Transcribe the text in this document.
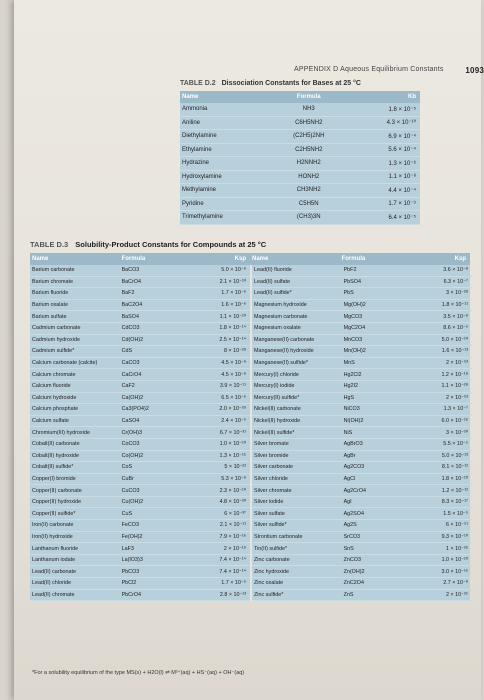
APPENDIX D Aqueous Equilibrium Constants	1093
TABLE D.2 Dissociation Constants for Bases at 25 °C
Name	Formula	Kb
Ammonia	NH3	1.8 × 10⁻⁵
Aniline	C6H5NH2	4.3 × 10⁻¹⁰
Diethylamine	(C2H5)2NH	6.9 × 10⁻⁴
Ethylamine	C2H5NH2	5.6 × 10⁻⁴
Hydrazine	H2NNH2	1.3 × 10⁻⁶
Hydroxylamine	HONH2	1.1 × 10⁻⁸
Methylamine	CH3NH2	4.4 × 10⁻⁴
Pyridine	C5H5N	1.7 × 10⁻⁹
Trimethylamine	(CH3)3N	6.4 × 10⁻⁵
TABLE D.3 Solubility-Product Constants for Compounds at 25 °C
Name	Formula	Ksp	Name	Formula	Ksp
Barium carbonate	BaCO3	5.0 × 10⁻⁹
Barium chromate	BaCrO4	2.1 × 10⁻¹⁰
Barium fluoride	BaF2	1.7 × 10⁻⁶
Barium oxalate	BaC2O4	1.6 × 10⁻⁶
Barium sulfate	BaSO4	1.1 × 10⁻¹⁰
Cadmium carbonate	CdCO3	1.8 × 10⁻¹⁴
Cadmium hydroxide	Cd(OH)2	2.5 × 10⁻¹⁴
Cadmium sulfide*	CdS	8 × 10⁻²⁸
Calcium carbonate (calcite)	CaCO3	4.5 × 10⁻⁹
Calcium chromate	CaCrO4	4.5 × 10⁻⁹
Calcium fluoride	CaF2	3.9 × 10⁻¹¹
Calcium hydroxide	Ca(OH)2	6.5 × 10⁻⁶
Calcium phosphate	Ca3(PO4)2	2.0 × 10⁻²⁹
Calcium sulfate	CaSO4	2.4 × 10⁻⁵
Chromium(III) hydroxide	Cr(OH)3	6.7 × 10⁻³¹
Cobalt(II) carbonate	CoCO3	1.0 × 10⁻¹⁰
Cobalt(II) hydroxide	Co(OH)2	1.3 × 10⁻¹⁵
Cobalt(II) sulfide*	CoS	5 × 10⁻²²
Copper(I) bromide	CuBr	5.3 × 10⁻⁹
Copper(II) carbonate	CuCO3	2.3 × 10⁻¹⁰
Copper(II) hydroxide	Cu(OH)2	4.8 × 10⁻²⁰
Copper(II) sulfide*	CuS	6 × 10⁻³⁷
Iron(II) carbonate	FeCO3	2.1 × 10⁻¹¹
Iron(II) hydroxide	Fe(OH)2	7.9 × 10⁻¹⁶
Lanthanum fluoride	LaF3	2 × 10⁻¹⁹
Lanthanum iodate	La(IO3)3	7.4 × 10⁻¹⁴
Lead(II) carbonate	PbCO3	7.4 × 10⁻¹⁴
Lead(II) chloride	PbCl2	1.7 × 10⁻⁵
Lead(II) chromate	PbCrO4	2.8 × 10⁻¹³
Lead(II) fluoride	PbF2	3.6 × 10⁻⁸
Lead(II) sulfate	PbSO4	6.3 × 10⁻⁷
Lead(II) sulfide*	PbS	3 × 10⁻²⁸
Magnesium hydroxide	Mg(OH)2	1.8 × 10⁻¹¹
Magnesium carbonate	MgCO3	3.5 × 10⁻⁸
Magnesium oxalate	MgC2O4	8.6 × 10⁻⁵
Manganese(II) carbonate	MnCO3	5.0 × 10⁻¹⁰
Manganese(II) hydroxide	Mn(OH)2	1.6 × 10⁻¹³
Manganese(II) sulfide*	MnS	2 × 10⁻⁵³
Mercury(I) chloride	Hg2Cl2	1.2 × 10⁻¹⁸
Mercury(I) iodide	Hg2I2	1.1 × 10⁻²⁸
Mercury(II) sulfide*	HgS	2 × 10⁻⁵³
Nickel(II) carbonate	NiCO3	1.3 × 10⁻⁷
Nickel(II) hydroxide	Ni(OH)2	6.0 × 10⁻¹⁶
Nickel(II) sulfide*	NiS	3 × 10⁻²⁰
Silver bromate	AgBrO3	5.5 × 10⁻⁵
Silver bromide	AgBr	5.0 × 10⁻¹³
Silver carbonate	Ag2CO3	8.1 × 10⁻¹²
Silver chloride	AgCl	1.8 × 10⁻¹⁰
Silver chromate	Ag2CrO4	1.2 × 10⁻¹²
Silver iodide	AgI	8.3 × 10⁻¹⁷
Silver sulfate	Ag2SO4	1.5 × 10⁻⁵
Silver sulfide*	Ag2S	6 × 10⁻⁵¹
Strontium carbonate	SrCO3	9.3 × 10⁻¹⁰
Tin(II) sulfide*	SnS	1 × 10⁻²⁶
Zinc carbonate	ZnCO3	1.0 × 10⁻¹⁰
Zinc hydroxide	Zn(OH)2	3.0 × 10⁻¹⁶
Zinc oxalate	ZnC2O4	2.7 × 10⁻⁸
Zinc sulfide*	ZnS	2 × 10⁻²⁵
*For a solubility equilibrium of the type MS(s) + H2O(l) ⇌ M²⁺(aq) + HS⁻(aq) + OH⁻(aq)
